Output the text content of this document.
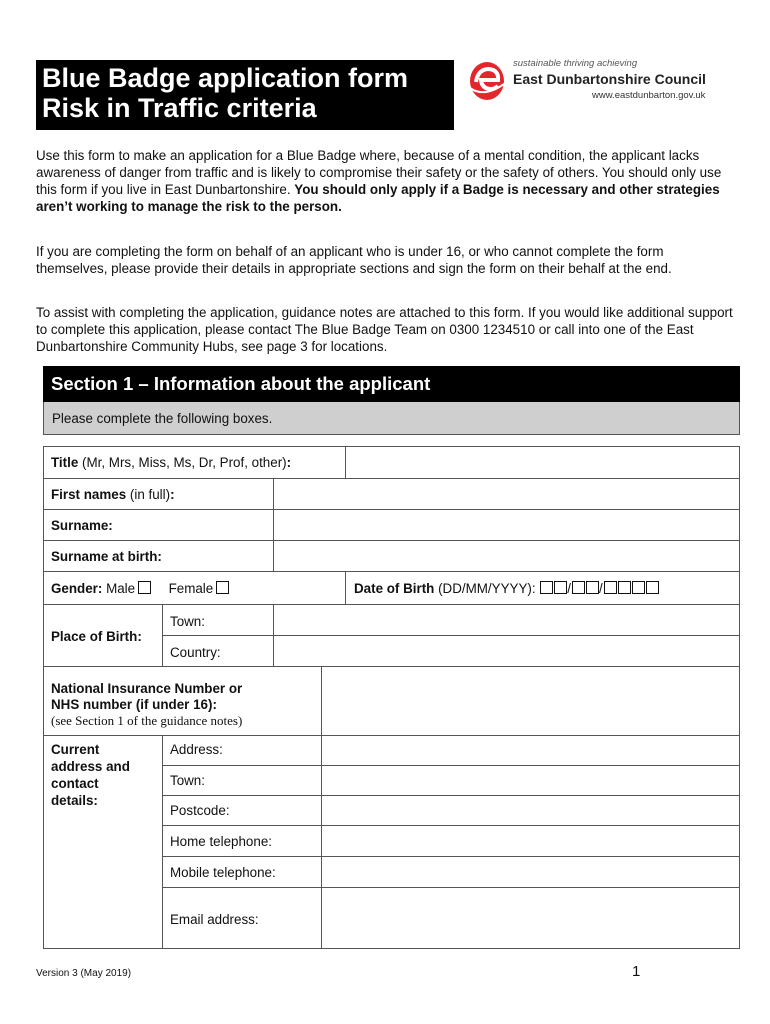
Blue Badge application form
Risk in Traffic criteria
sustainable thriving achieving
East Dunbartonshire Council
www.eastdunbarton.gov.uk

Use this form to make an application for a Blue Badge where, because of a mental condition, the applicant lacks awareness of danger from traffic and is likely to compromise their safety or the safety of others. You should only use this form if you live in East Dunbartonshire. You should only apply if a Badge is necessary and other strategies aren’t working to manage the risk to the person.

If you are completing the form on behalf of an applicant who is under 16, or who cannot complete the form themselves, please provide their details in appropriate sections and sign the form on their behalf at the end.

To assist with completing the application, guidance notes are attached to this form. If you would like additional support to complete this application, please contact The Blue Badge Team on 0300 1234510 or call into one of the East Dunbartonshire Community Hubs, see page 3 for locations.

Section 1 – Information about the applicant
Please complete the following boxes.
Title (Mr, Mrs, Miss, Ms, Dr, Prof, other):
First names (in full):
Surname:
Surname at birth:
Gender: Male Female	Date of Birth (DD/MM/YYYY): / /
Place of Birth:
Town:
Country:
National Insurance Number or
NHS number (if under 16):
(see Section 1 of the guidance notes)
Current
address and
contact
details:
Address:
Town:
Postcode:
Home telephone:
Mobile telephone:
Email address:
Version 3 (May 2019)	1
